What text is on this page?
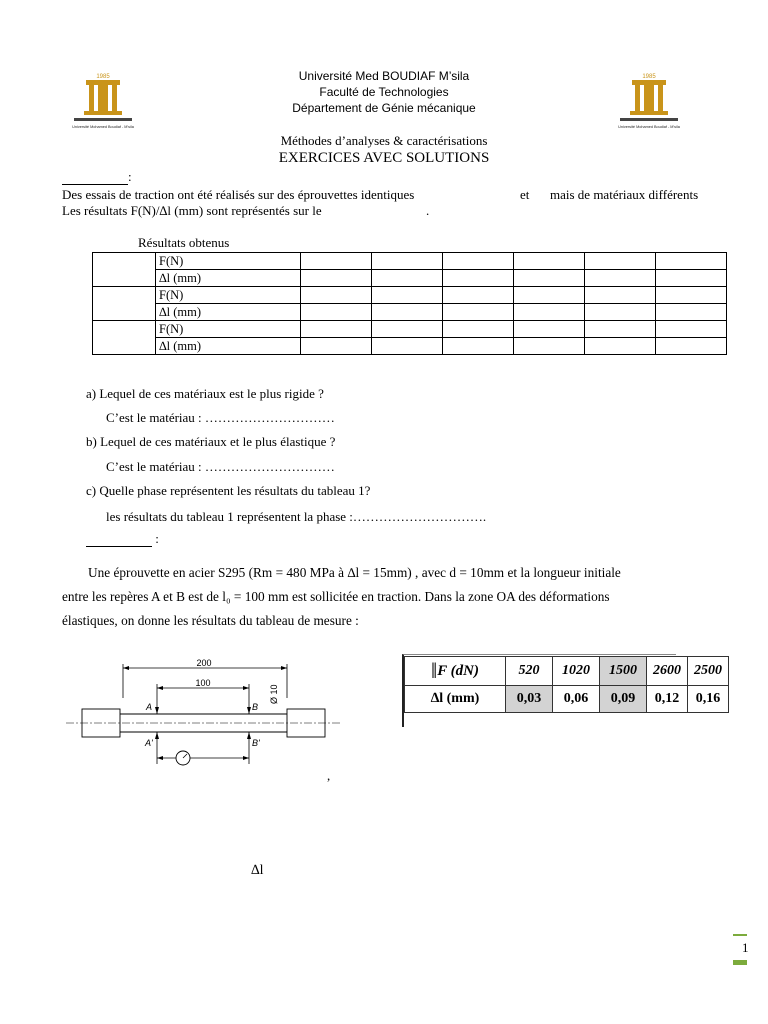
1985
Université Mohamed Boudiaf - M'sila
1985
Université Mohamed Boudiaf - M'sila
Université Med BOUDIAF M’sila
Faculté de Technologies
Département de Génie mécanique
Méthodes d’analyses & caractérisations
EXERCICES AVEC SOLUTIONS
:
Des essais de traction ont été réalisés sur des éprouvettes identiques	et mais de matériaux différents
Les résultats F(N)/∆l (mm) sont représentés sur le	.
Résultats obtenus
	F(N)						
	∆l (mm)						
	F(N)						
	∆l (mm)						
	F(N)						
	∆l (mm)						
a) Lequel de ces matériaux est le plus rigide ?
C’est le matériau : …………………………
b) Lequel de ces matériaux et le plus élastique ?
C’est le matériau : …………………………
c) Quelle phase représentent les résultats du tableau 1?
les résultats du tableau 1 représentent la phase :………………………….
:
Une éprouvette en acier S295 (Rm = 480 MPa à ∆l = 15mm) , avec d = 10mm et la longueur initiale
entre les repères A et B est de l₀ = 100 mm est sollicitée en traction. Dans la zone OA des déformations
élastiques, on donne les résultats du tableau de mesure :
Ø 10
200
100
A	B
A'	B'
‖F (dN)	520	1020	1500	2600	2500
∆l (mm)	0,03	0,06	0,09	0,12	0,16
,
∆l
1
